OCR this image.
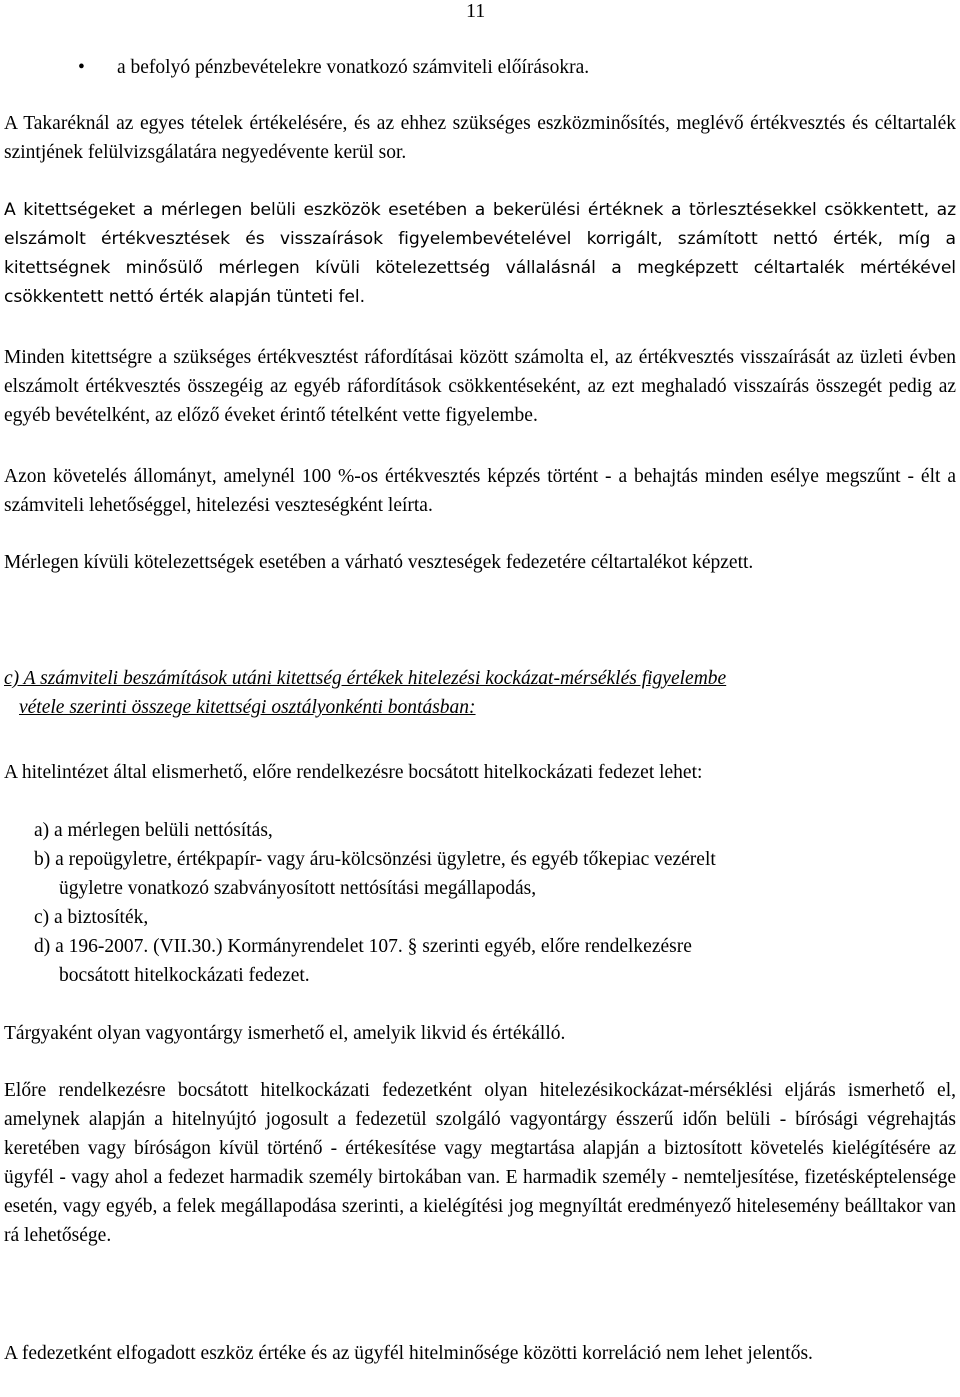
11
• a befolyó pénzbevételekre vonatkozó számviteli előírásokra.

A Takaréknál az egyes tételek értékelésére, és az ehhez szükséges eszközminősítés, meglévő értékvesztés és céltartalék szintjének felülvizsgálatára negyedévente kerül sor.

A kitettségeket a mérlegen belüli eszközök esetében a bekerülési értéknek a törlesztésekkel csökkentett, az elszámolt értékvesztések és visszaírások figyelembevételével korrigált, számított nettó érték, míg a kitettségnek minősülő mérlegen kívüli kötelezettség vállalásnál a megképzett céltartalék mértékével csökkentett nettó érték alapján tünteti fel.

Minden kitettségre a szükséges értékvesztést ráfordításai között számolta el, az értékvesztés visszaírását az üzleti évben elszámolt értékvesztés összegéig az egyéb ráfordítások csökkentéseként, az ezt meghaladó visszaírás összegét pedig az egyéb bevételként, az előző éveket érintő tételként vette figyelembe.

Azon követelés állományt, amelynél 100 %-os értékvesztés képzés történt - a behajtás minden esélye megszűnt - élt a számviteli lehetőséggel, hitelezési veszteségként leírta.

Mérlegen kívüli kötelezettségek esetében a várható veszteségek fedezetére céltartalékot képzett.

c) A számviteli beszámítások utáni kitettség értékek hitelezési kockázat-mérséklés figyelembe
vétele szerinti összege kitettségi osztályonkénti bontásban:

A hitelintézet által elismerhető, előre rendelkezésre bocsátott hitelkockázati fedezet lehet:

a) a mérlegen belüli nettósítás,

b) a repoügyletre, értékpapír- vagy áru-kölcsönzési ügyletre, és egyéb tőkepiac vezérelt
ügyletre vonatkozó szabványosított nettósítási megállapodás,

c) a biztosíték,

d) a 196-2007. (VII.30.) Kormányrendelet 107. § szerinti egyéb, előre rendelkezésre
bocsátott hitelkockázati fedezet.

Tárgyaként olyan vagyontárgy ismerhető el, amelyik likvid és értékálló.

Előre rendelkezésre bocsátott hitelkockázati fedezetként olyan hitelezésikockázat-mérséklési eljárás ismerhető el, amelynek alapján a hitelnyújtó jogosult a fedezetül szolgáló vagyontárgy ésszerű időn belüli - bírósági végrehajtás keretében vagy bíróságon kívül történő - értékesítése vagy megtartása alapján a biztosított követelés kielégítésére az ügyfél - vagy ahol a fedezet harmadik személy birtokában van. E harmadik személy - nemteljesítése, fizetésképtelensége esetén, vagy egyéb, a felek megállapodása szerinti, a kielégítési jog megnyíltát eredményező hitelesemény beálltakor van rá lehetősége.

A fedezetként elfogadott eszköz értéke és az ügyfél hitelminősége közötti korreláció nem lehet jelentős.
